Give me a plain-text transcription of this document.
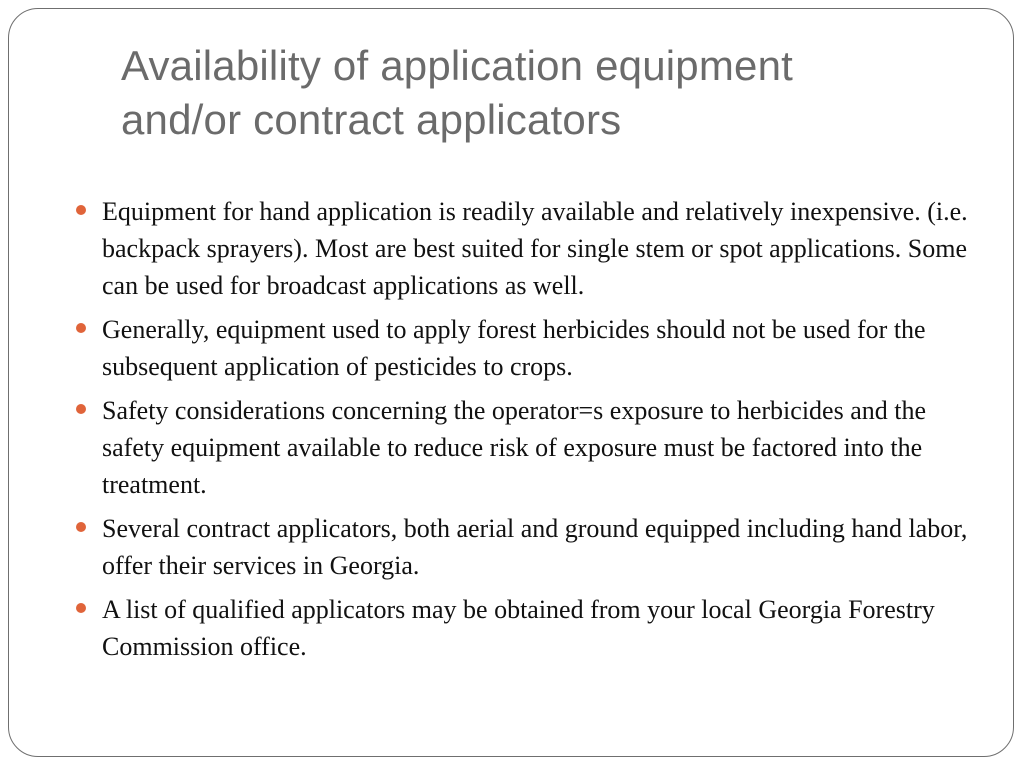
Availability of application equipment
and/or contract applicators
Equipment for hand application is readily available and relatively inexpensive. (i.e. backpack sprayers). Most are best suited for single stem or spot applications. Some can be used for broadcast applications as well.
Generally, equipment used to apply forest herbicides should not be used for the subsequent application of pesticides to crops.
Safety considerations concerning the operator=s exposure to herbicides and the safety equipment available to reduce risk of exposure must be factored into the treatment.
Several contract applicators, both aerial and ground equipped including hand labor, offer their services in Georgia.
A list of qualified applicators may be obtained from your local Georgia Forestry Commission office.
